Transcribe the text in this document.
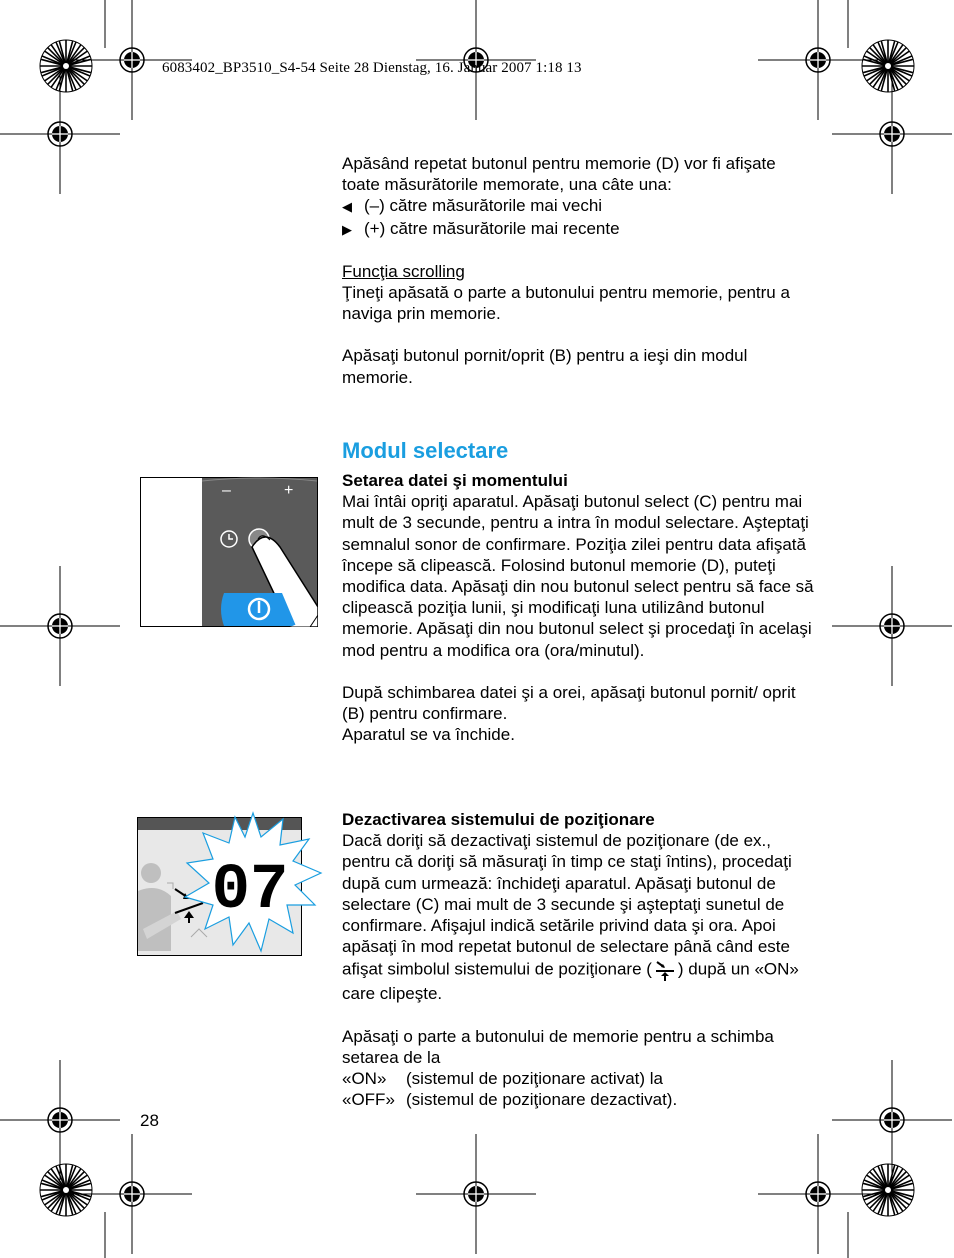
6083402_BP3510_S4-54 Seite 28 Dienstag, 16. Januar 2007 1:18 13

Apăsând repetat butonul pentru memorie (D) vor fi afişate toate măsurătorile memorate, una câte una:

◀ (–) către măsurătorile mai vechi
▶ (+) către măsurătorile mai recente

Funcţia scrolling

Ţineţi apăsată o parte a butonului pentru memorie, pentru a naviga prin memorie.

Apăsaţi butonul pornit/oprit (B) pentru a ieşi din modul memorie.

Modul selectare

Setarea datei şi momentului

Mai întâi opriţi aparatul. Apăsaţi butonul select (C) pentru mai mult de 3 secunde, pentru a intra în modul selectare. Aşteptaţi semnalul sonor de confirmare. Poziţia zilei pentru data afişată începe să clipească. Folosind butonul memorie (D), puteţi modifica data. Apăsaţi din nou butonul select pentru să face să clipească poziţia lunii, şi modificaţi luna utilizând butonul memorie. Apăsaţi din nou butonul select şi procedaţi în acelaşi mod pentru a modifica ora (ora/minutul).

După schimbarea datei şi a orei, apăsaţi butonul pornit/ oprit (B) pentru confirmare.

Aparatul se va închide.

Dezactivarea sistemului de poziţionare

Dacă doriţi să dezactivaţi sistemul de poziţionare (de ex., pentru că doriţi să măsuraţi în timp ce staţi întins), procedaţi după cum urmează: închideţi aparatul. Apăsaţi butonul de selectare (C) mai mult de 3 secunde şi aşteptaţi sunetul de confirmare. Afişajul indică setările privind data şi ora. Apoi apăsaţi în mod repetat butonul de selectare până când este afişat simbolul sistemului de poziţionare ( ) după un «ON» care clipeşte.

Apăsaţi o parte a butonului de memorie pentru a schimba setarea de la

«ON»	(sistemul de poziţionare activat) la
«OFF» (sistemul de poziţionare dezactivat).
–	+
07
28
